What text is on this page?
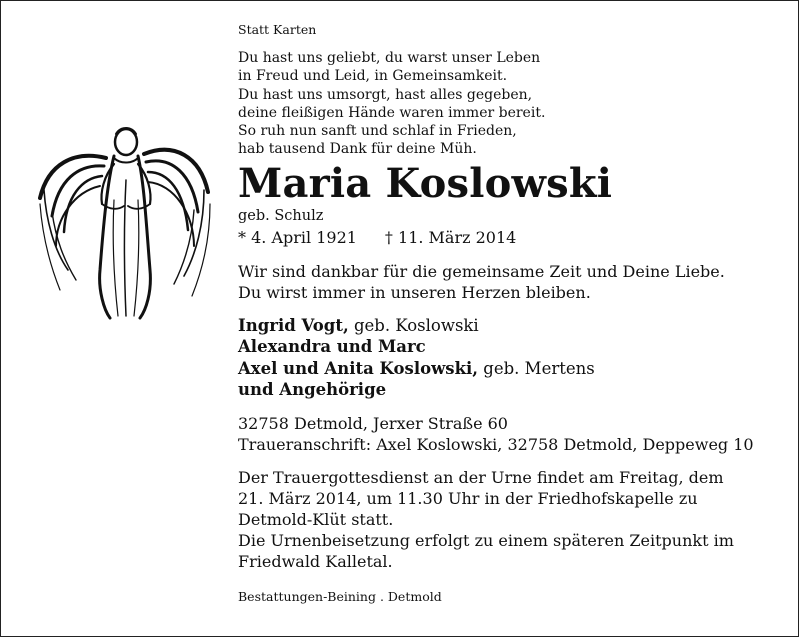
Statt Karten
Du hast uns geliebt, du warst unser Leben
in Freud und Leid, in Gemeinsamkeit.
Du hast uns umsorgt, hast alles gegeben,
deine fleißigen Hände waren immer bereit.
So ruh nun sanft und schlaf in Frieden,
hab tausend Dank für deine Müh.
Maria Koslowski
geb. Schulz
* 4. April 1921 † 11. März 2014
Wir sind dankbar für die gemeinsame Zeit und Deine Liebe.
Du wirst immer in unseren Herzen bleiben.
Ingrid Vogt, geb. Koslowski
Alexandra und Marc
Axel und Anita Koslowski, geb. Mertens
und Angehörige
32758 Detmold, Jerxer Straße 60
Traueranschrift: Axel Koslowski, 32758 Detmold, Deppeweg 10
Der Trauergottesdienst an der Urne findet am Freitag, dem
21. März 2014, um 11.30 Uhr in der Friedhofskapelle zu
Detmold-Klüt statt.
Die Urnenbeisetzung erfolgt zu einem späteren Zeitpunkt im
Friedwald Kalletal.
Bestattungen-Beining . Detmold
